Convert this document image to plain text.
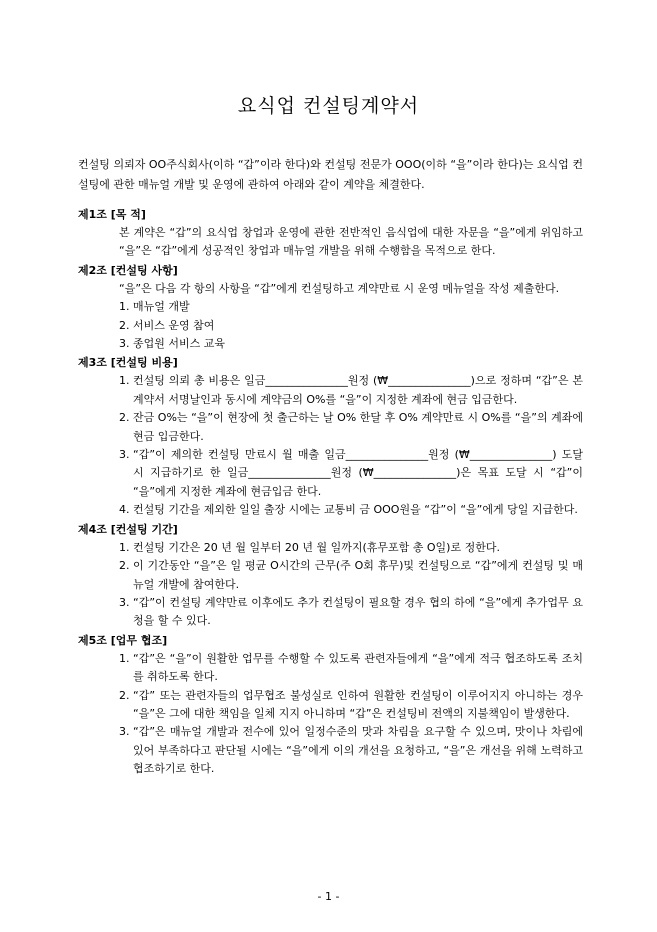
요식업 컨설팅계약서

컨설팅 의뢰자 OO주식회사(이하 “갑”이라 한다)와 컨설팅 전문가 OOO(이하 “을”이라 한다)는 요식업 컨설팅에 관한 매뉴얼 개발 및 운영에 관하여 아래와 같이 계약을 체결한다.

제1조 [목 적]
본 계약은 “갑”의 요식업 창업과 운영에 관한 전반적인 음식업에 대한 자문을 “을”에게 위임하고 “을”은 “갑”에게 성공적인 창업과 매뉴얼 개발을 위해 수행함을 목적으로 한다.
제2조 [컨설팅 사항]
“을”은 다음 각 항의 사항을 “갑”에게 컨설팅하고 계약만료 시 운영 메뉴얼을 작성 제출한다.
1. 매뉴얼 개발
2. 서비스 운영 참여
3. 종업원 서비스 교육
제3조 [컨설팅 비용]
1. 컨설팅 의뢰 총 비용은 일금_______________원정 (₩_______________)으로 정하며 “갑”은 본 계약서 서명날인과 동시에 계약금의 O%를 “을”이 지정한 계좌에 현금 입금한다.
2. 잔금 O%는 “을”이 현장에 첫 출근하는 날 O% 한달 후 O% 계약만료 시 O%를 “을”의 계좌에 현금 입금한다.
3. “갑”이 제의한 컨설팅 만료시 월 매출 일금_______________원정 (₩_______________) 도달 시 지급하기로 한 일금_______________원정 (₩_______________)은 목표 도달 시 “갑”이 “을”에게 지정한 계좌에 현금입금 한다.
4. 컨설팅 기간을 제외한 일일 출장 시에는 교통비 금 OOO원을 “갑”이 “을”에게 당일 지급한다.
제4조 [컨설팅 기간]
1. 컨설팅 기간은 20 년 월 일부터 20 년 월 일까지(휴무포함 총 O일)로 정한다.
2. 이 기간동안 “을”은 일 평균 O시간의 근무(주 O회 휴무)및 컨설팅으로 “갑”에게 컨설팅 및 매뉴얼 개발에 참여한다.
3. “갑”이 컨설팅 계약만료 이후에도 추가 컨설팅이 필요할 경우 협의 하에 “을”에게 추가업무 요청을 할 수 있다.
제5조 [업무 협조]
1. “갑”은 “을”이 원활한 업무를 수행할 수 있도록 관련자들에게 “을”에게 적극 협조하도록 조치를 취하도록 한다.
2. “갑” 또는 관련자들의 업무협조 불성실로 인하여 원활한 컨설팅이 이루어지지 아니하는 경우 “을”은 그에 대한 책임을 일체 지지 아니하며 “갑”은 컨설팅비 전액의 지불책임이 발생한다.
3. “갑”은 매뉴얼 개발과 전수에 있어 일정수준의 맛과 차림을 요구할 수 있으며, 맛이나 차림에 있어 부족하다고 판단될 시에는 “을”에게 이의 개선을 요청하고, “을”은 개선을 위해 노력하고 협조하기로 한다.
- 1 -
